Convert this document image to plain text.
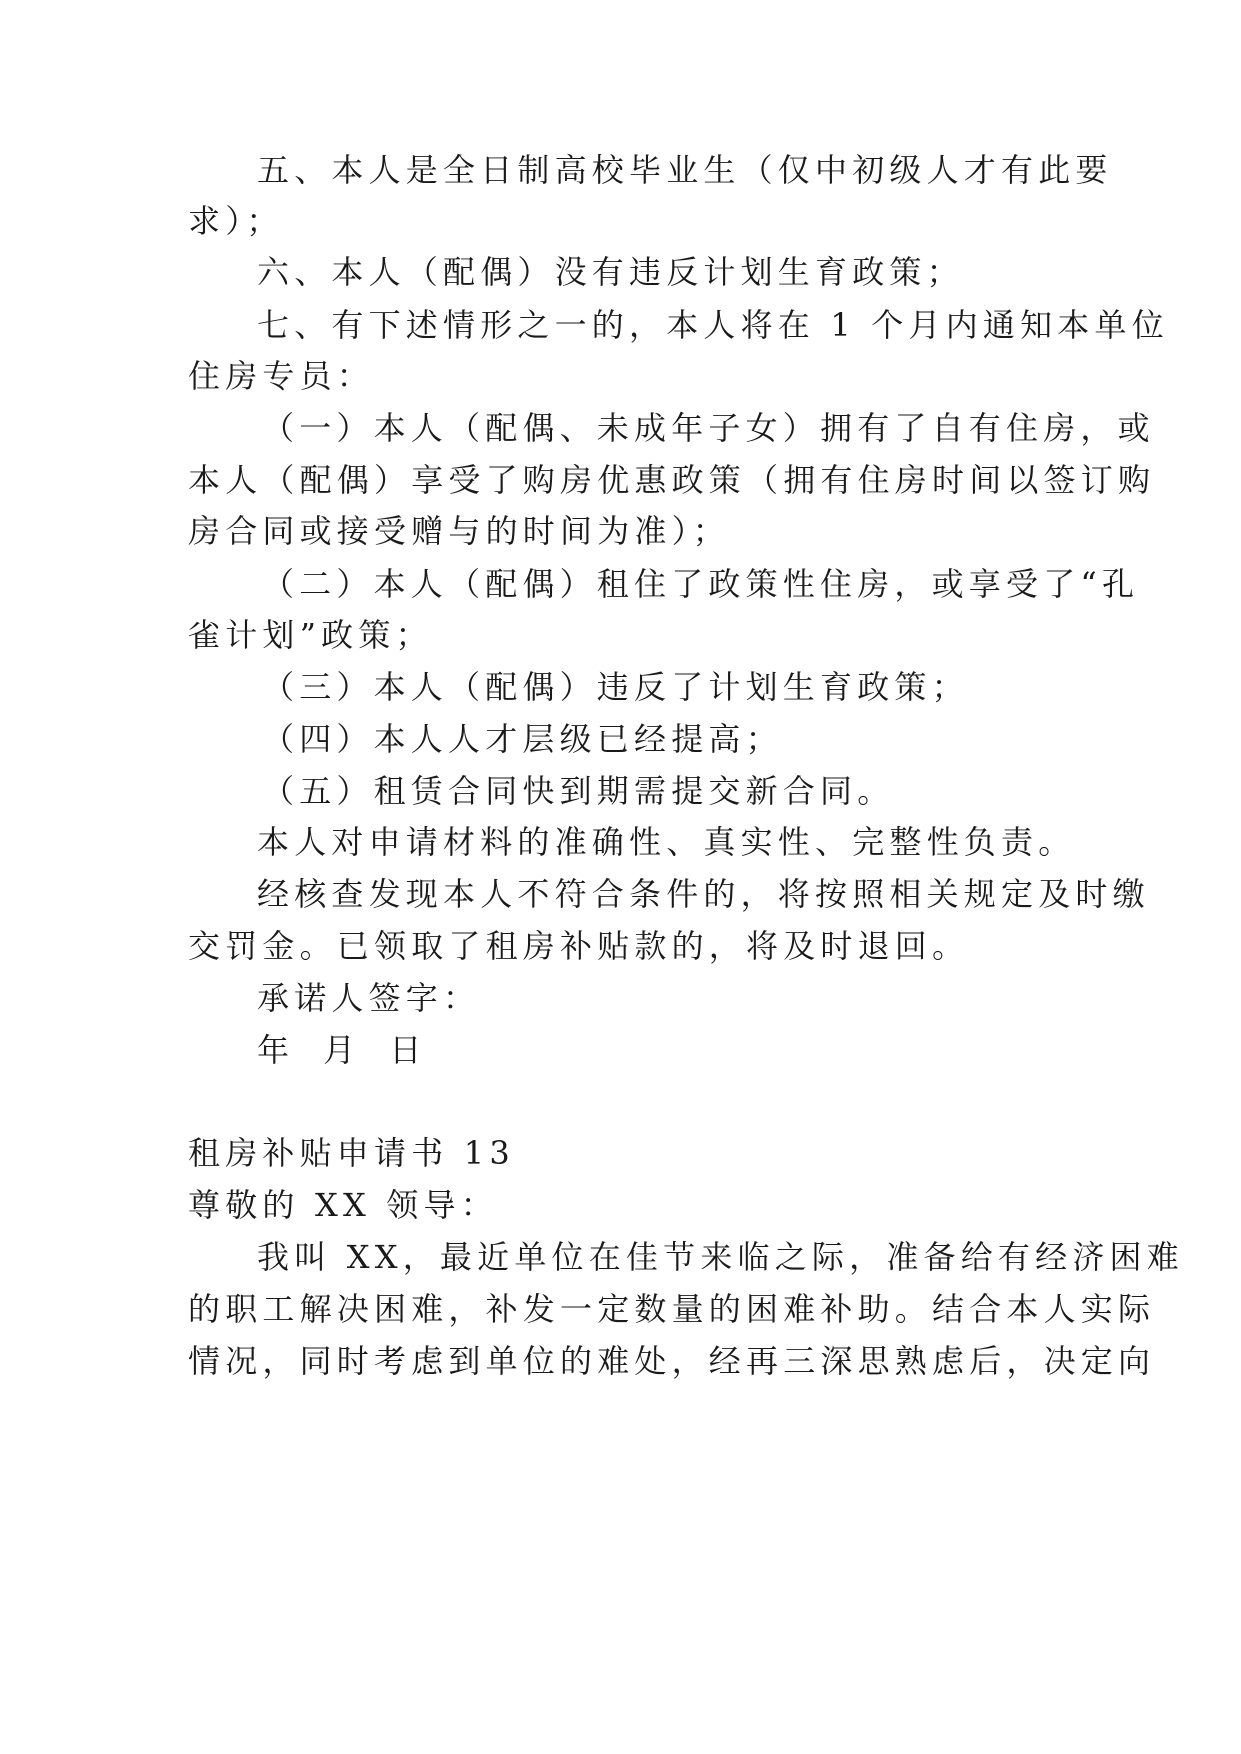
五、本人是全日制高校毕业生（仅中初级人才有此要
求）；
六、本人（配偶）没有违反计划生育政策；
七、有下述情形之一的，本人将在 1 个月内通知本单位
住房专员：
（一）本人（配偶、未成年子女）拥有了自有住房，或
本人（配偶）享受了购房优惠政策（拥有住房时间以签订购
房合同或接受赠与的时间为准）；
（二）本人（配偶）租住了政策性住房，或享受了“孔
雀计划”政策；
（三）本人（配偶）违反了计划生育政策；
（四）本人人才层级已经提高；
（五）租赁合同快到期需提交新合同。
本人对申请材料的准确性、真实性、完整性负责。
经核查发现本人不符合条件的，将按照相关规定及时缴
交罚金。已领取了租房补贴款的，将及时退回。
承诺人签字：
年 月 日
租房补贴申请书 13
尊敬的 XX 领导：
我叫 XX，最近单位在佳节来临之际，准备给有经济困难
的职工解决困难，补发一定数量的困难补助。结合本人实际
情况，同时考虑到单位的难处，经再三深思熟虑后，决定向
